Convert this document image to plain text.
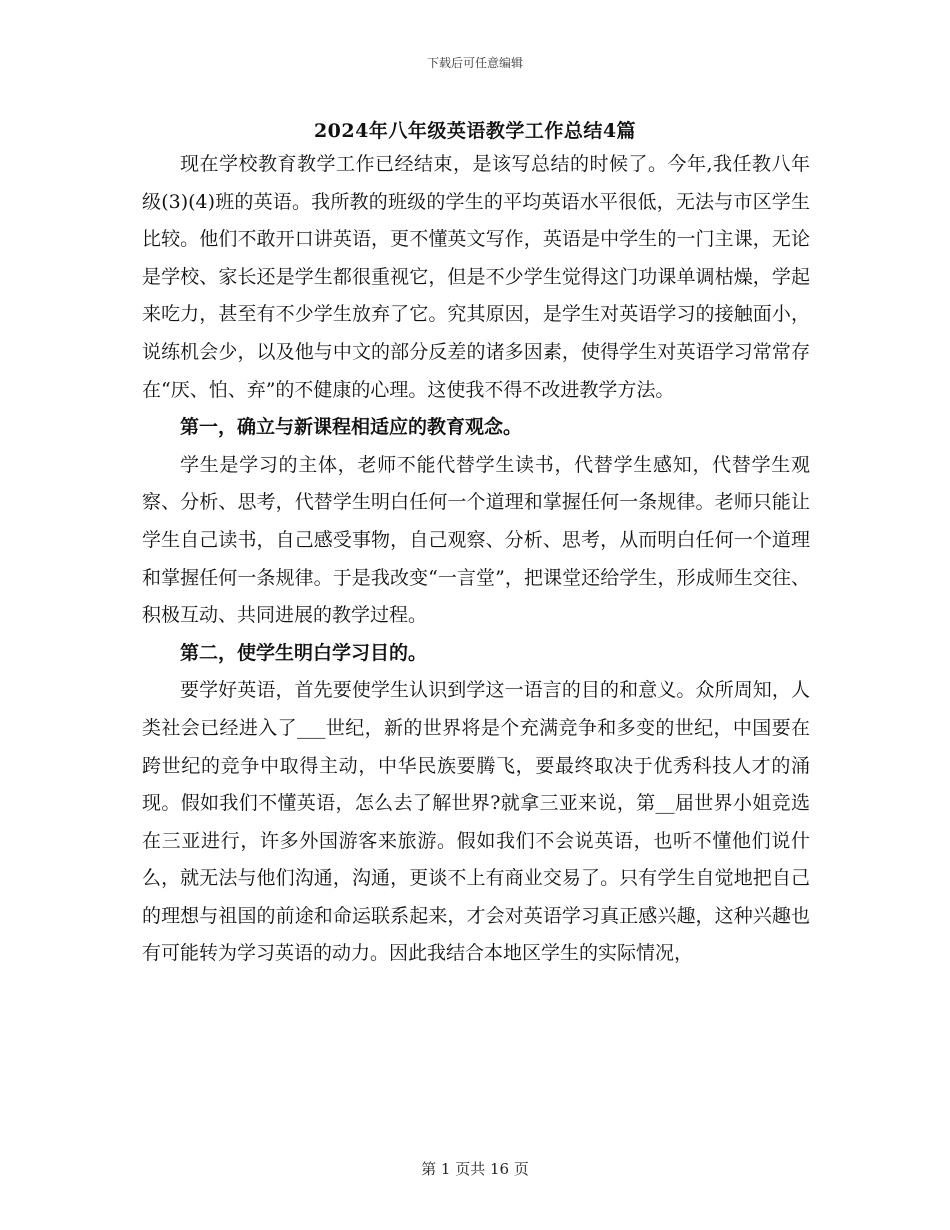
下载后可任意编辑
2024年八年级英语教学工作总结4篇

现在学校教育教学工作已经结束，是该写总结的时候了。今年,我任教八年级(3)(4)班的英语。我所教的班级的学生的平均英语水平很低，无法与市区学生比较。他们不敢开口讲英语，更不懂英文写作，英语是中学生的一门主课，无论是学校、家长还是学生都很重视它，但是不少学生觉得这门功课单调枯燥，学起来吃力，甚至有不少学生放弃了它。究其原因，是学生对英语学习的接触面小，说练机会少，以及他与中文的部分反差的诸多因素，使得学生对英语学习常常存在“厌、怕、弃”的不健康的心理。这使我不得不改进教学方法。

第一，确立与新课程相适应的教育观念。

学生是学习的主体，老师不能代替学生读书，代替学生感知，代替学生观察、分析、思考，代替学生明白任何一个道理和掌握任何一条规律。老师只能让学生自己读书，自己感受事物，自己观察、分析、思考，从而明白任何一个道理和掌握任何一条规律。于是我改变“一言堂”，把课堂还给学生，形成师生交往、积极互动、共同进展的教学过程。

第二，使学生明白学习目的。

要学好英语，首先要使学生认识到学这一语言的目的和意义。众所周知，人类社会已经进入了___世纪，新的世界将是个充满竞争和多变的世纪，中国要在跨世纪的竞争中取得主动，中华民族要腾飞，要最终取决于优秀科技人才的涌现。假如我们不懂英语，怎么去了解世界?就拿三亚来说，第__届世界小姐竞选在三亚进行，许多外国游客来旅游。假如我们不会说英语，也听不懂他们说什么，就无法与他们沟通，沟通，更谈不上有商业交易了。只有学生自觉地把自己的理想与祖国的前途和命运联系起来，才会对英语学习真正感兴趣，这种兴趣也有可能转为学习英语的动力。因此我结合本地区学生的实际情况，

第 1 页共 16 页
